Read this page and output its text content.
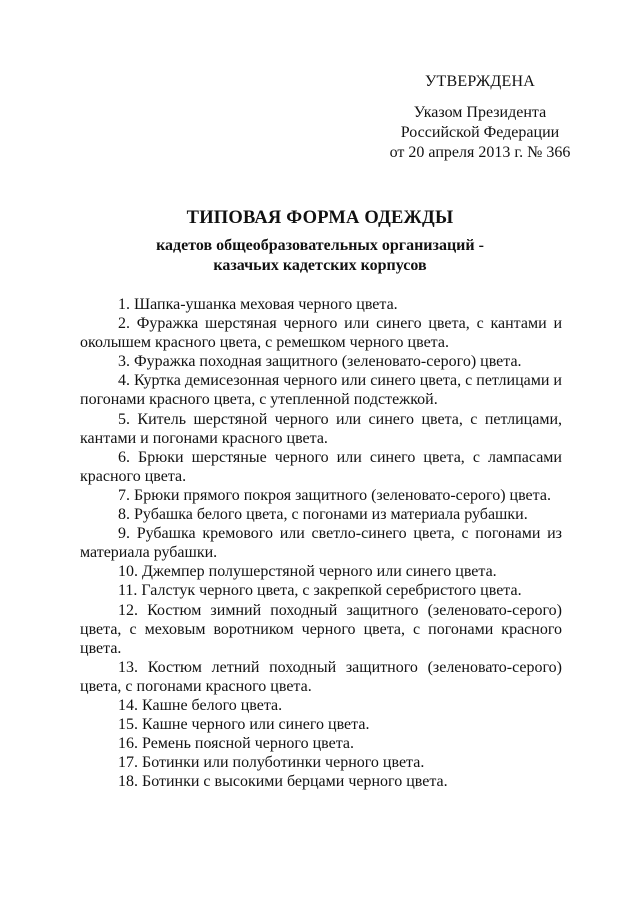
УТВЕРЖДЕНА
Указом Президента
Российской Федерации
от 20 апреля 2013 г. № 366
ТИПОВАЯ ФОРМА ОДЕЖДЫ
кадетов общеобразовательных организаций -
казачьих кадетских корпусов

1. Шапка-ушанка меховая черного цвета.

2. Фуражка шерстяная черного или синего цвета, с кантами и околышем красного цвета, с ремешком черного цвета.

3. Фуражка походная защитного (зеленовато-серого) цвета.

4. Куртка демисезонная черного или синего цвета, с петлицами и погонами красного цвета, с утепленной подстежкой.

5. Китель шерстяной черного или синего цвета, с петлицами, кантами и погонами красного цвета.

6. Брюки шерстяные черного или синего цвета, с лампасами красного цвета.

7. Брюки прямого покроя защитного (зеленовато-серого) цвета.

8. Рубашка белого цвета, с погонами из материала рубашки.

9. Рубашка кремового или светло-синего цвета, с погонами из материала рубашки.

10. Джемпер полушерстяной черного или синего цвета.

11. Галстук черного цвета, с закрепкой серебристого цвета.

12. Костюм зимний походный защитного (зеленовато-серого) цвета, с меховым воротником черного цвета, с погонами красного цвета.

13. Костюм летний походный защитного (зеленовато-серого) цвета, с погонами красного цвета.

14. Кашне белого цвета.

15. Кашне черного или синего цвета.

16. Ремень поясной черного цвета.

17. Ботинки или полуботинки черного цвета.

18. Ботинки с высокими берцами черного цвета.
